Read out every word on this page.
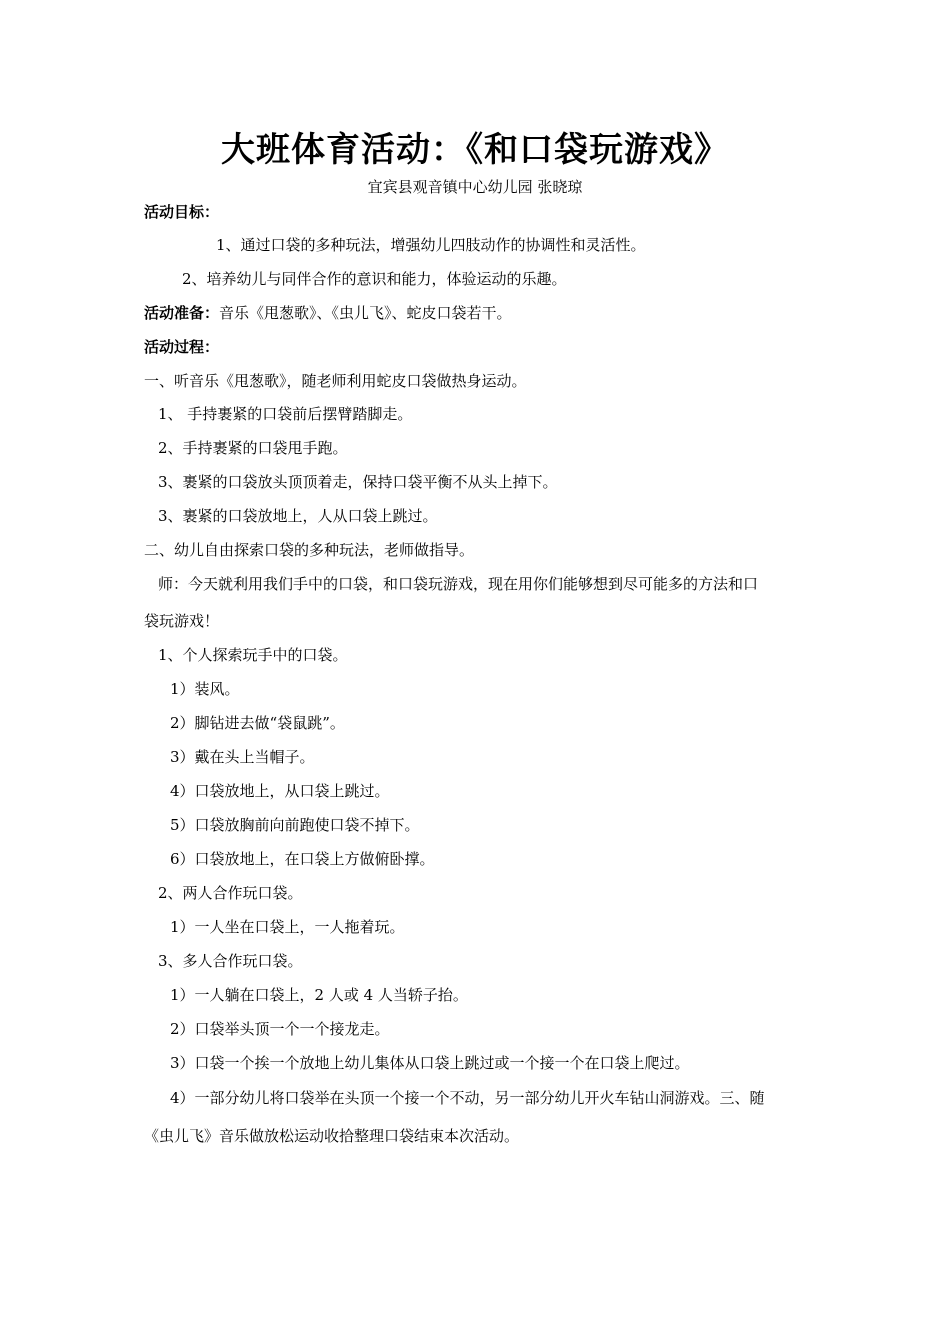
大班体育活动：《和口袋玩游戏》
宜宾县观音镇中心幼儿园 张晓琼
活动目标：
1、通过口袋的多种玩法，增强幼儿四肢动作的协调性和灵活性。
2、培养幼儿与同伴合作的意识和能力，体验运动的乐趣。
活动准备：音乐《甩葱歌》、《虫儿飞》、蛇皮口袋若干。
活动过程：
一、听音乐《甩葱歌》，随老师利用蛇皮口袋做热身运动。
1、 手持裹紧的口袋前后摆臂踏脚走。
2、手持裹紧的口袋甩手跑。
3、裹紧的口袋放头顶顶着走，保持口袋平衡不从头上掉下。
3、裹紧的口袋放地上，人从口袋上跳过。
二、幼儿自由探索口袋的多种玩法，老师做指导。
师：今天就利用我们手中的口袋，和口袋玩游戏，现在用你们能够想到尽可能多的方法和口
袋玩游戏！
1、个人探索玩手中的口袋。
1）装风。
2）脚钻进去做“袋鼠跳”。
3）戴在头上当帽子。
4）口袋放地上，从口袋上跳过。
5）口袋放胸前向前跑使口袋不掉下。
6）口袋放地上，在口袋上方做俯卧撑。
2、两人合作玩口袋。
1）一人坐在口袋上，一人拖着玩。
3、多人合作玩口袋。
1）一人躺在口袋上，2 人或 4 人当轿子抬。
2）口袋举头顶一个一个接龙走。
3）口袋一个挨一个放地上幼儿集体从口袋上跳过或一个接一个在口袋上爬过。
4）一部分幼儿将口袋举在头顶一个接一个不动，另一部分幼儿开火车钻山洞游戏。三、随
《虫儿飞》音乐做放松运动收拾整理口袋结束本次活动。
